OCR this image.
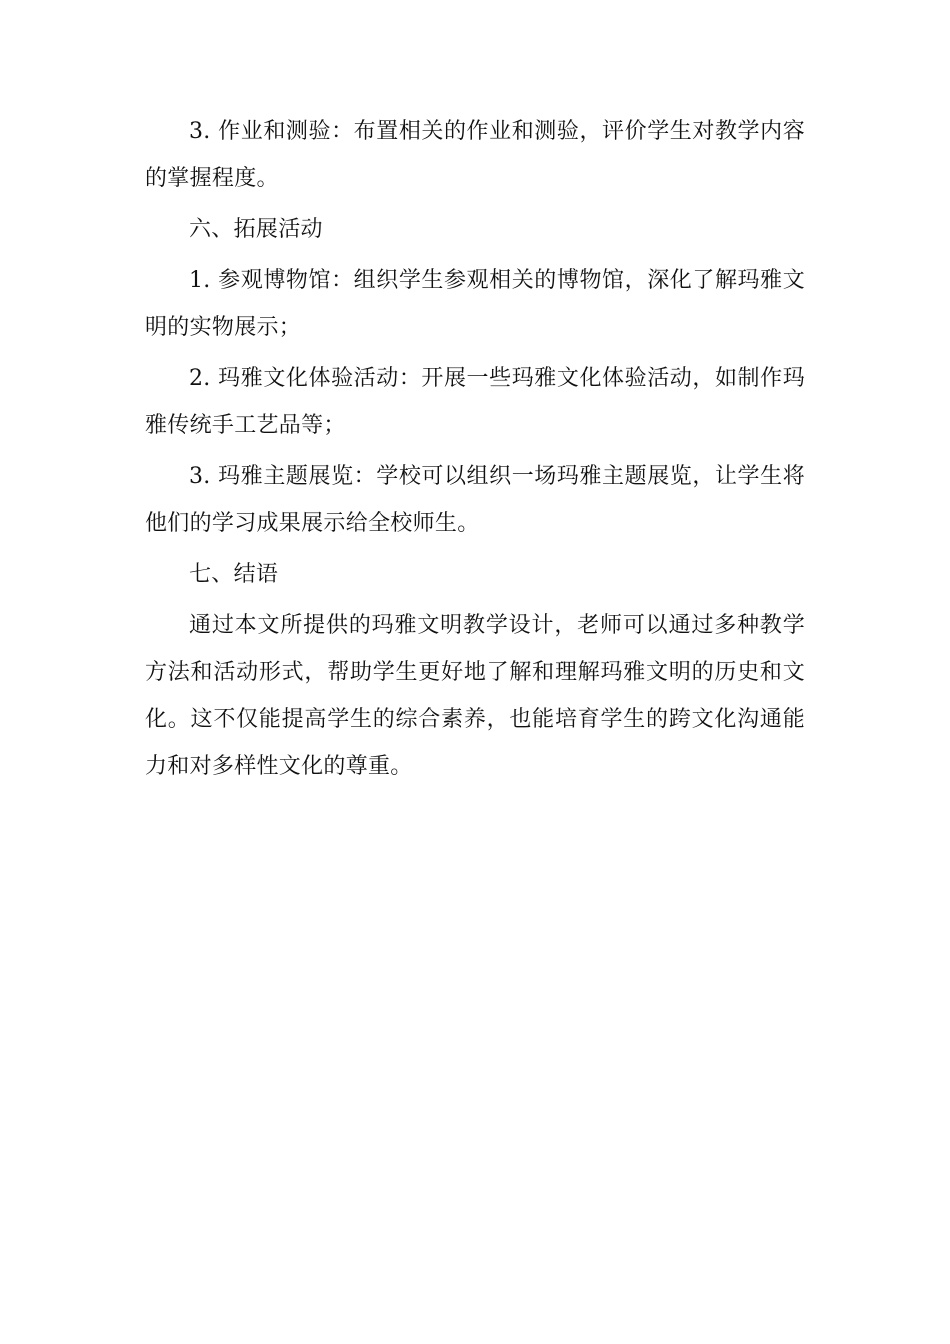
3. 作业和测验：布置相关的作业和测验，评价学生对教学内容的掌握程度。

六、拓展活动

1. 参观博物馆：组织学生参观相关的博物馆，深化了解玛雅文明的实物展示；

2. 玛雅文化体验活动：开展一些玛雅文化体验活动，如制作玛雅传统手工艺品等；

3. 玛雅主题展览：学校可以组织一场玛雅主题展览，让学生将他们的学习成果展示给全校师生。

七、结语

通过本文所提供的玛雅文明教学设计，老师可以通过多种教学方法和活动形式，帮助学生更好地了解和理解玛雅文明的历史和文化。这不仅能提高学生的综合素养，也能培育学生的跨文化沟通能力和对多样性文化的尊重。
